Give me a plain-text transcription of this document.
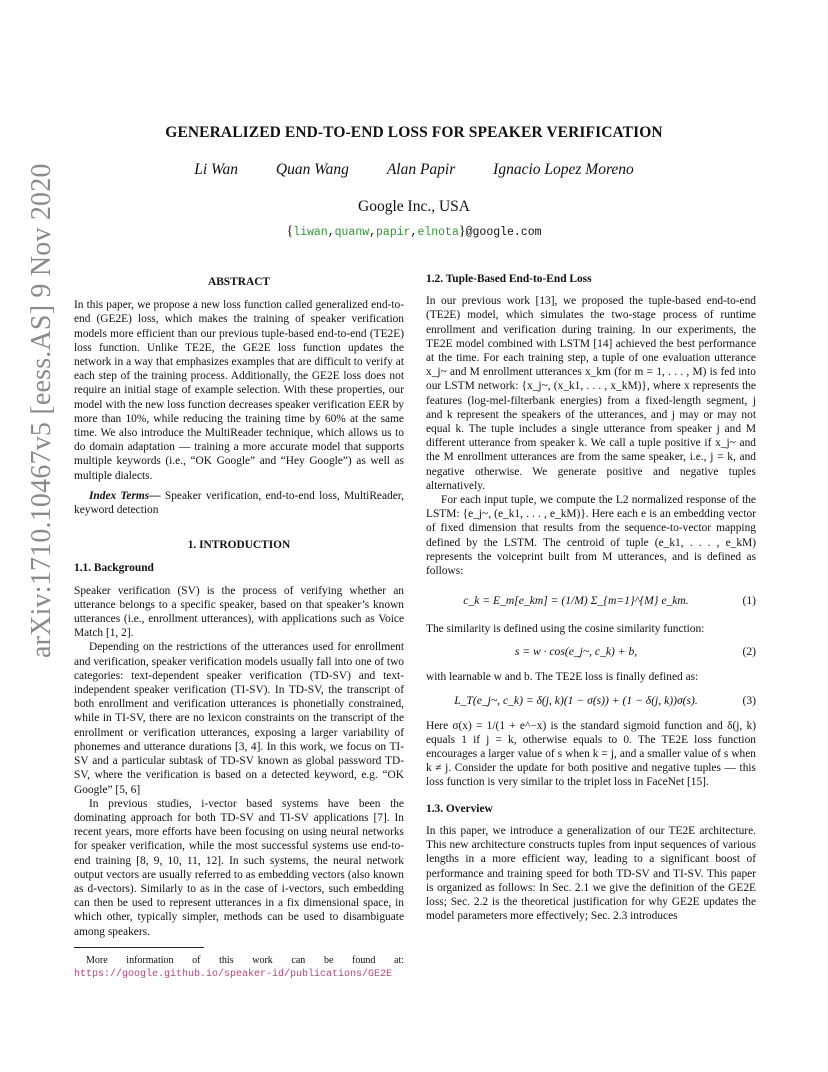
arXiv:1710.10467v5 [eess.AS] 9 Nov 2020
GENERALIZED END-TO-END LOSS FOR SPEAKER VERIFICATION
Li Wan Quan Wang Alan Papir Ignacio Lopez Moreno
Google Inc., USA
{liwan,quanw,papir,elnota}@google.com
ABSTRACT

In this paper, we propose a new loss function called generalized end-to-end (GE2E) loss, which makes the training of speaker verification models more efficient than our previous tuple-based end-to-end (TE2E) loss function. Unlike TE2E, the GE2E loss function updates the network in a way that emphasizes examples that are difficult to verify at each step of the training process. Additionally, the GE2E loss does not require an initial stage of example selection. With these properties, our model with the new loss function decreases speaker verification EER by more than 10%, while reducing the training time by 60% at the same time. We also introduce the MultiReader technique, which allows us to do domain adaptation — training a more accurate model that supports multiple keywords (i.e., “OK Google” and “Hey Google”) as well as multiple dialects.

Index Terms— Speaker verification, end-to-end loss, MultiReader, keyword detection

1. INTRODUCTION
1.1. Background

Speaker verification (SV) is the process of verifying whether an utterance belongs to a specific speaker, based on that speaker’s known utterances (i.e., enrollment utterances), with applications such as Voice Match [1, 2].

Depending on the restrictions of the utterances used for enrollment and verification, speaker verification models usually fall into one of two categories: text-dependent speaker verification (TD-SV) and text-independent speaker verification (TI-SV). In TD-SV, the transcript of both enrollment and verification utterances is phonetially constrained, while in TI-SV, there are no lexicon constraints on the transcript of the enrollment or verification utterances, exposing a larger variability of phonemes and utterance durations [3, 4]. In this work, we focus on TI-SV and a particular subtask of TD-SV known as global password TD-SV, where the verification is based on a detected keyword, e.g. “OK Google” [5, 6]

In previous studies, i-vector based systems have been the dominating approach for both TD-SV and TI-SV applications [7]. In recent years, more efforts have been focusing on using neural networks for speaker verification, while the most successful systems use end-to-end training [8, 9, 10, 11, 12]. In such systems, the neural network output vectors are usually referred to as embedding vectors (also known as d-vectors). Similarly to as in the case of i-vectors, such embedding can then be used to represent utterances in a fix dimensional space, in which other, typically simpler, methods can be used to disambiguate among speakers.

More information of this work can be found at: https://google.github.io/speaker-id/publications/GE2E

1.2. Tuple-Based End-to-End Loss

In our previous work [13], we proposed the tuple-based end-to-end (TE2E) model, which simulates the two-stage process of runtime enrollment and verification during training. In our experiments, the TE2E model combined with LSTM [14] achieved the best performance at the time. For each training step, a tuple of one evaluation utterance x_j~ and M enrollment utterances x_km (for m = 1, . . . , M) is fed into our LSTM network: {x_j~, (x_k1, . . . , x_kM)}, where x represents the features (log-mel-filterbank energies) from a fixed-length segment, j and k represent the speakers of the utterances, and j may or may not equal k. The tuple includes a single utterance from speaker j and M different utterance from speaker k. We call a tuple positive if x_j~ and the M enrollment utterances are from the same speaker, i.e., j = k, and negative otherwise. We generate positive and negative tuples alternatively.

For each input tuple, we compute the L2 normalized response of the LSTM: {e_j~, (e_k1, . . . , e_kM)}. Here each e is an embedding vector of fixed dimension that results from the sequence-to-vector mapping defined by the LSTM. The centroid of tuple (e_k1, . . . , e_kM) represents the voiceprint built from M utterances, and is defined as follows:

c_k = E_m[e_km] = (1/M) Σ_{m=1}^{M} e_km.	(1)

The similarity is defined using the cosine similarity function:

s = w · cos(e_j~, c_k) + b,	(2)

with learnable w and b. The TE2E loss is finally defined as:

L_T(e_j~, c_k) = δ(j, k)(1 − σ(s)) + (1 − δ(j, k))σ(s).	(3)

Here σ(x) = 1/(1 + e^−x) is the standard sigmoid function and δ(j, k) equals 1 if j = k, otherwise equals to 0. The TE2E loss function encourages a larger value of s when k = j, and a smaller value of s when k ≠ j. Consider the update for both positive and negative tuples — this loss function is very similar to the triplet loss in FaceNet [15].

1.3. Overview

In this paper, we introduce a generalization of our TE2E architecture. This new architecture constructs tuples from input sequences of various lengths in a more efficient way, leading to a significant boost of performance and training speed for both TD-SV and TI-SV. This paper is organized as follows: In Sec. 2.1 we give the definition of the GE2E loss; Sec. 2.2 is the theoretical justification for why GE2E updates the model parameters more effectively; Sec. 2.3 introduces
